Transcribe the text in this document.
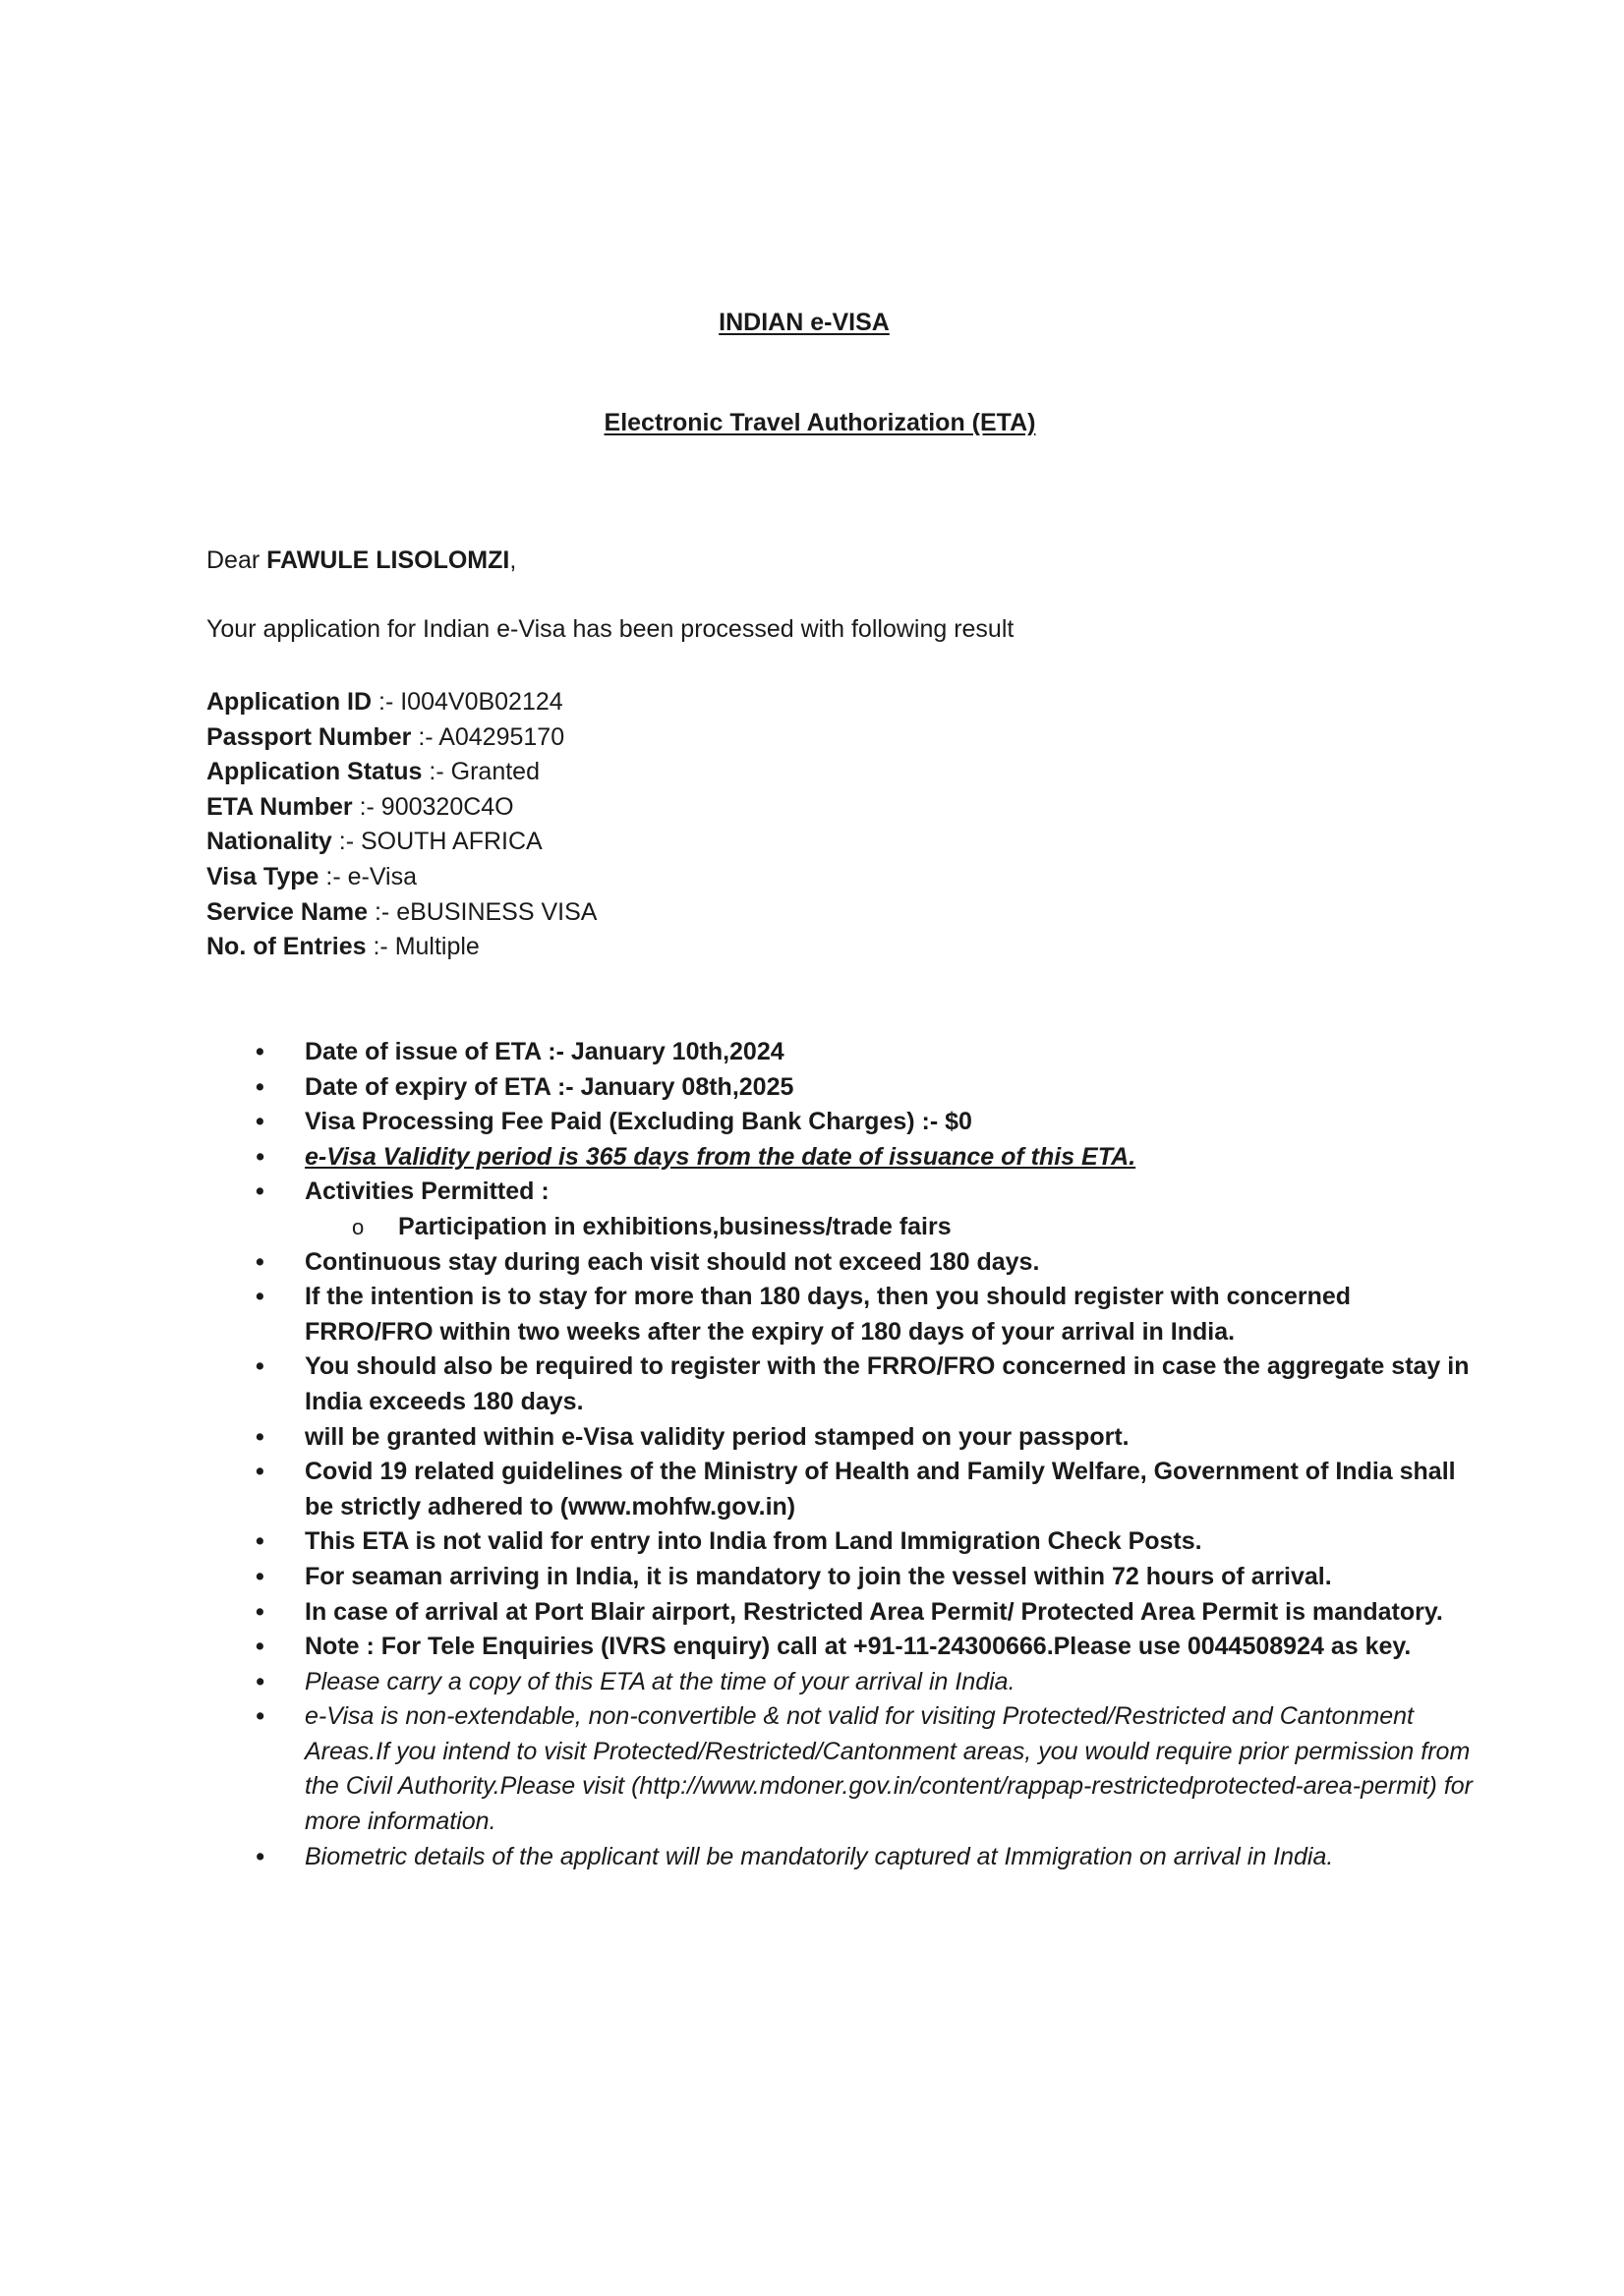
INDIAN e-VISA
Electronic Travel Authorization (ETA)
Dear FAWULE LISOLOMZI,
Your application for Indian e-Visa has been processed with following result
Application ID :- I004V0B02124
Passport Number :- A04295170
Application Status :- Granted
ETA Number :- 900320C4O
Nationality :- SOUTH AFRICA
Visa Type :- e-Visa
Service Name :- eBUSINESS VISA
No. of Entries :- Multiple
• Date of issue of ETA :- January 10th,2024
• Date of expiry of ETA :- January 08th,2025
• Visa Processing Fee Paid (Excluding Bank Charges) :- $0
• e-Visa Validity period is 365 days from the date of issuance of this ETA.
• Activities Permitted :
o Participation in exhibitions,business/trade fairs
• Continuous stay during each visit should not exceed 180 days.
• If the intention is to stay for more than 180 days, then you should register with concerned FRRO/FRO within two weeks after the expiry of 180 days of your arrival in India.
• You should also be required to register with the FRRO/FRO concerned in case the aggregate stay in India exceeds 180 days.
• will be granted within e-Visa validity period stamped on your passport.
• Covid 19 related guidelines of the Ministry of Health and Family Welfare, Government of India shall be strictly adhered to (www.mohfw.gov.in)
• This ETA is not valid for entry into India from Land Immigration Check Posts.
• For seaman arriving in India, it is mandatory to join the vessel within 72 hours of arrival.
• In case of arrival at Port Blair airport, Restricted Area Permit/ Protected Area Permit is mandatory.
• Note : For Tele Enquiries (IVRS enquiry) call at +91-11-24300666.Please use 0044508924 as key.
• Please carry a copy of this ETA at the time of your arrival in India.
• e-Visa is non-extendable, non-convertible & not valid for visiting Protected/Restricted and Cantonment Areas.If you intend to visit Protected/Restricted/Cantonment areas, you would require prior permission from the Civil Authority.Please visit (http://www.mdoner.gov.in/content/rappap-restrictedprotected-area-permit) for more information.
• Biometric details of the applicant will be mandatorily captured at Immigration on arrival in India.
